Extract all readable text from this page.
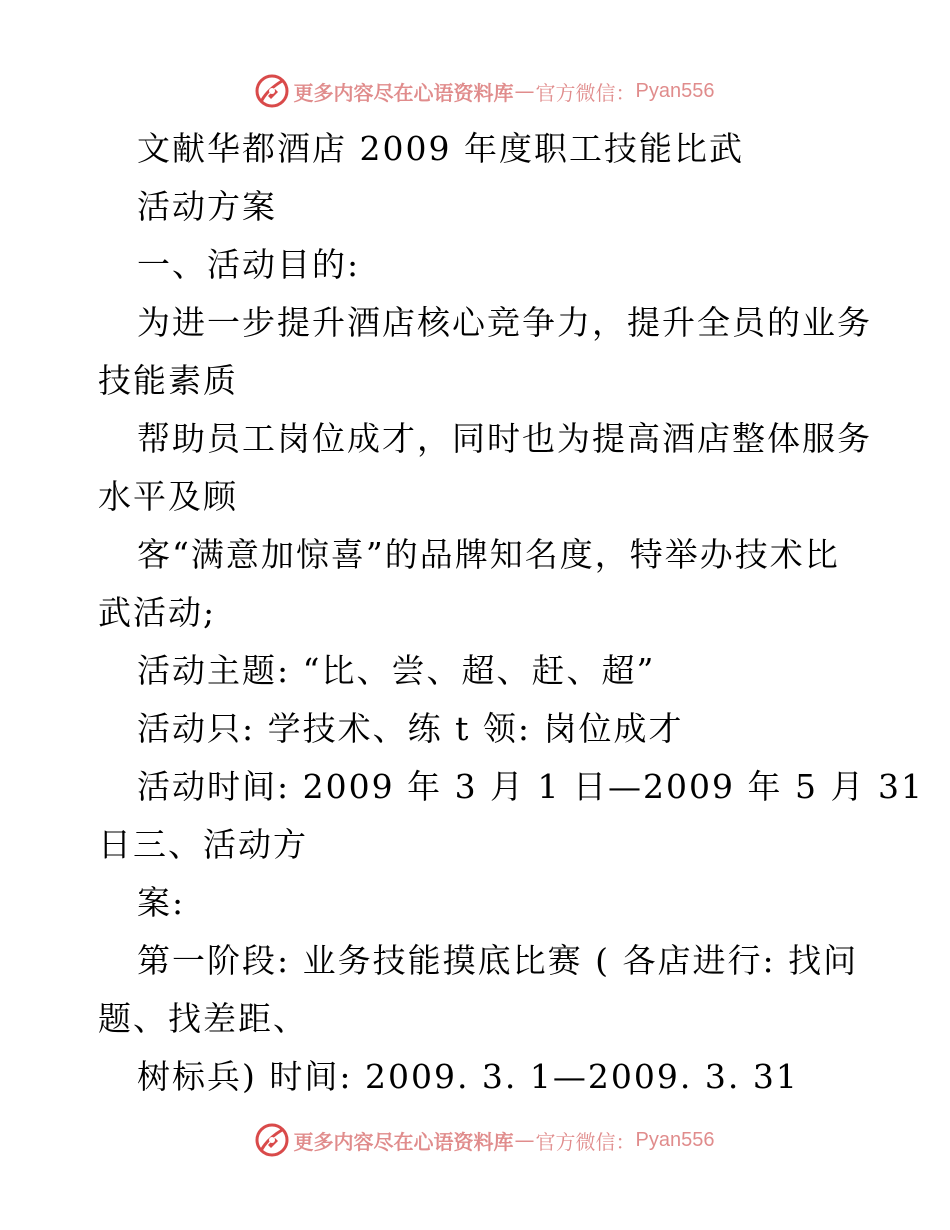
更多内容尽在心语资料库 — 官方微信： Pyan556
文献华都酒店 2009 年度职工技能比武
活动方案
一、活动目的:
为进一步提升酒店核心竞争力，提升全员的业务
技能素质
帮助员工岗位成才，同时也为提高酒店整体服务
水平及顾
客“满意加惊喜”的品牌知名度，特举办技术比
武活动;
活动主题: “比、尝、超、赶、超”
活动只: 学技术、练 t 领: 岗位成才
活动时间: 2009 年 3 月 1 日—2009 年 5 月 31
日三、活动方
案:
第一阶段: 业务技能摸底比赛 ( 各店进行: 找问
题、找差距、
树标兵) 时间: 2009. 3. 1—2009. 3. 31
更多内容尽在心语资料库 — 官方微信： Pyan556
